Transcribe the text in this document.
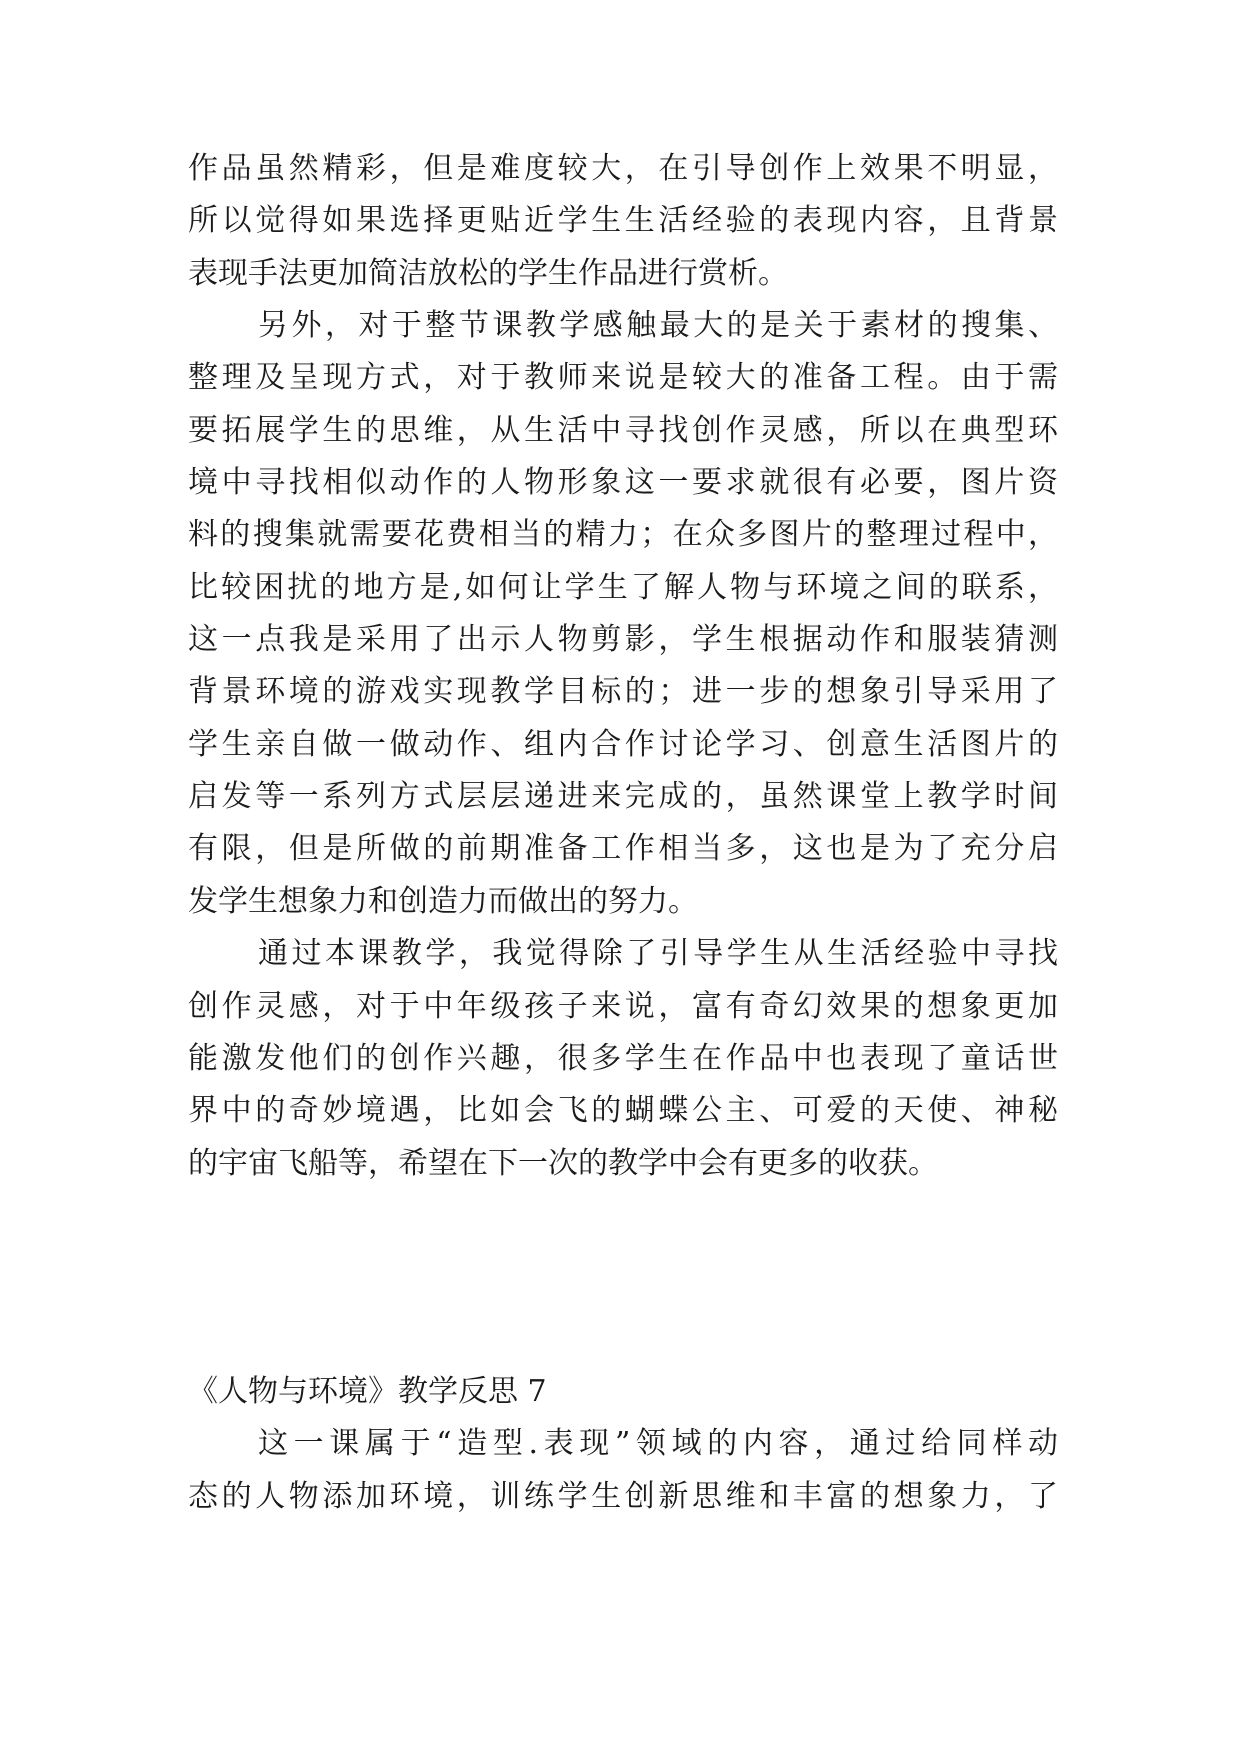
作品虽然精彩，但是难度较大，在引导创作上效果不明显，
所以觉得如果选择更贴近学生生活经验的表现内容，且背景
表现手法更加简洁放松的学生作品进行赏析。
另外，对于整节课教学感触最大的是关于素材的搜集、
整理及呈现方式，对于教师来说是较大的准备工程。由于需
要拓展学生的思维，从生活中寻找创作灵感，所以在典型环
境中寻找相似动作的人物形象这一要求就很有必要，图片资
料的搜集就需要花费相当的精力；在众多图片的整理过程中，
比较困扰的地方是,如何让学生了解人物与环境之间的联系，
这一点我是采用了出示人物剪影，学生根据动作和服装猜测
背景环境的游戏实现教学目标的；进一步的想象引导采用了
学生亲自做一做动作、组内合作讨论学习、创意生活图片的
启发等一系列方式层层递进来完成的，虽然课堂上教学时间
有限，但是所做的前期准备工作相当多，这也是为了充分启
发学生想象力和创造力而做出的努力。
通过本课教学，我觉得除了引导学生从生活经验中寻找
创作灵感，对于中年级孩子来说，富有奇幻效果的想象更加
能激发他们的创作兴趣，很多学生在作品中也表现了童话世
界中的奇妙境遇，比如会飞的蝴蝶公主、可爱的天使、神秘
的宇宙飞船等，希望在下一次的教学中会有更多的收获。
《人物与环境》教学反思 7
这一课属于“造型.表现”领域的内容，通过给同样动
态的人物添加环境，训练学生创新思维和丰富的想象力，了
